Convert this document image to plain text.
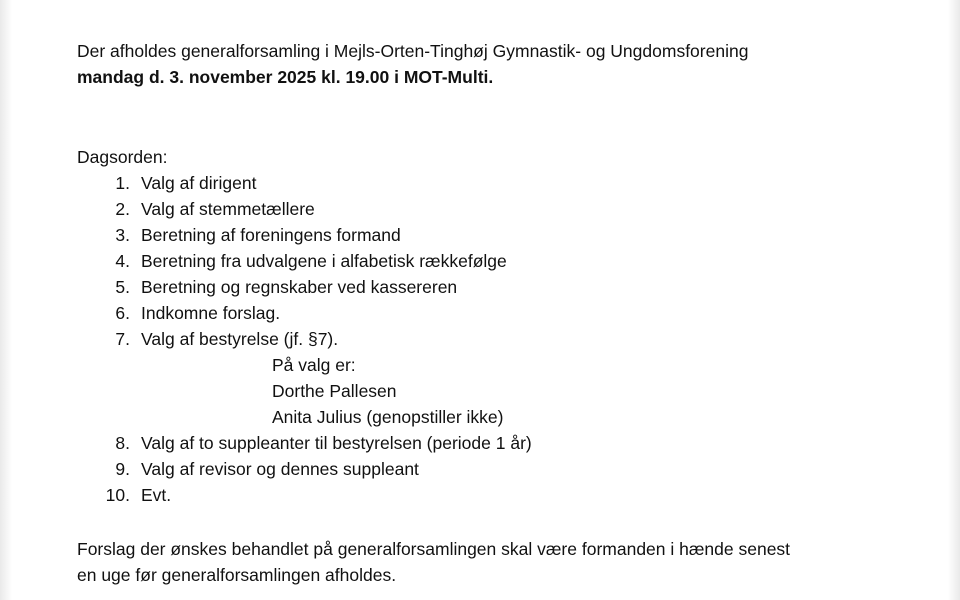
Der afholdes generalforsamling i Mejls-Orten-Tinghøj Gymnastik- og Ungdomsforening
mandag d. 3. november 2025 kl. 19.00 i MOT-Multi.
Dagsorden:
1. Valg af dirigent
2. Valg af stemmetællere
3. Beretning af foreningens formand
4. Beretning fra udvalgene i alfabetisk rækkefølge
5. Beretning og regnskaber ved kassereren
6. Indkomne forslag.
7. Valg af bestyrelse (jf. §7).
På valg er:
Dorthe Pallesen
Anita Julius (genopstiller ikke)
8. Valg af to suppleanter til bestyrelsen (periode 1 år)
9. Valg af revisor og dennes suppleant
10. Evt.
Forslag der ønskes behandlet på generalforsamlingen skal være formanden i hænde senest
en uge før generalforsamlingen afholdes.
